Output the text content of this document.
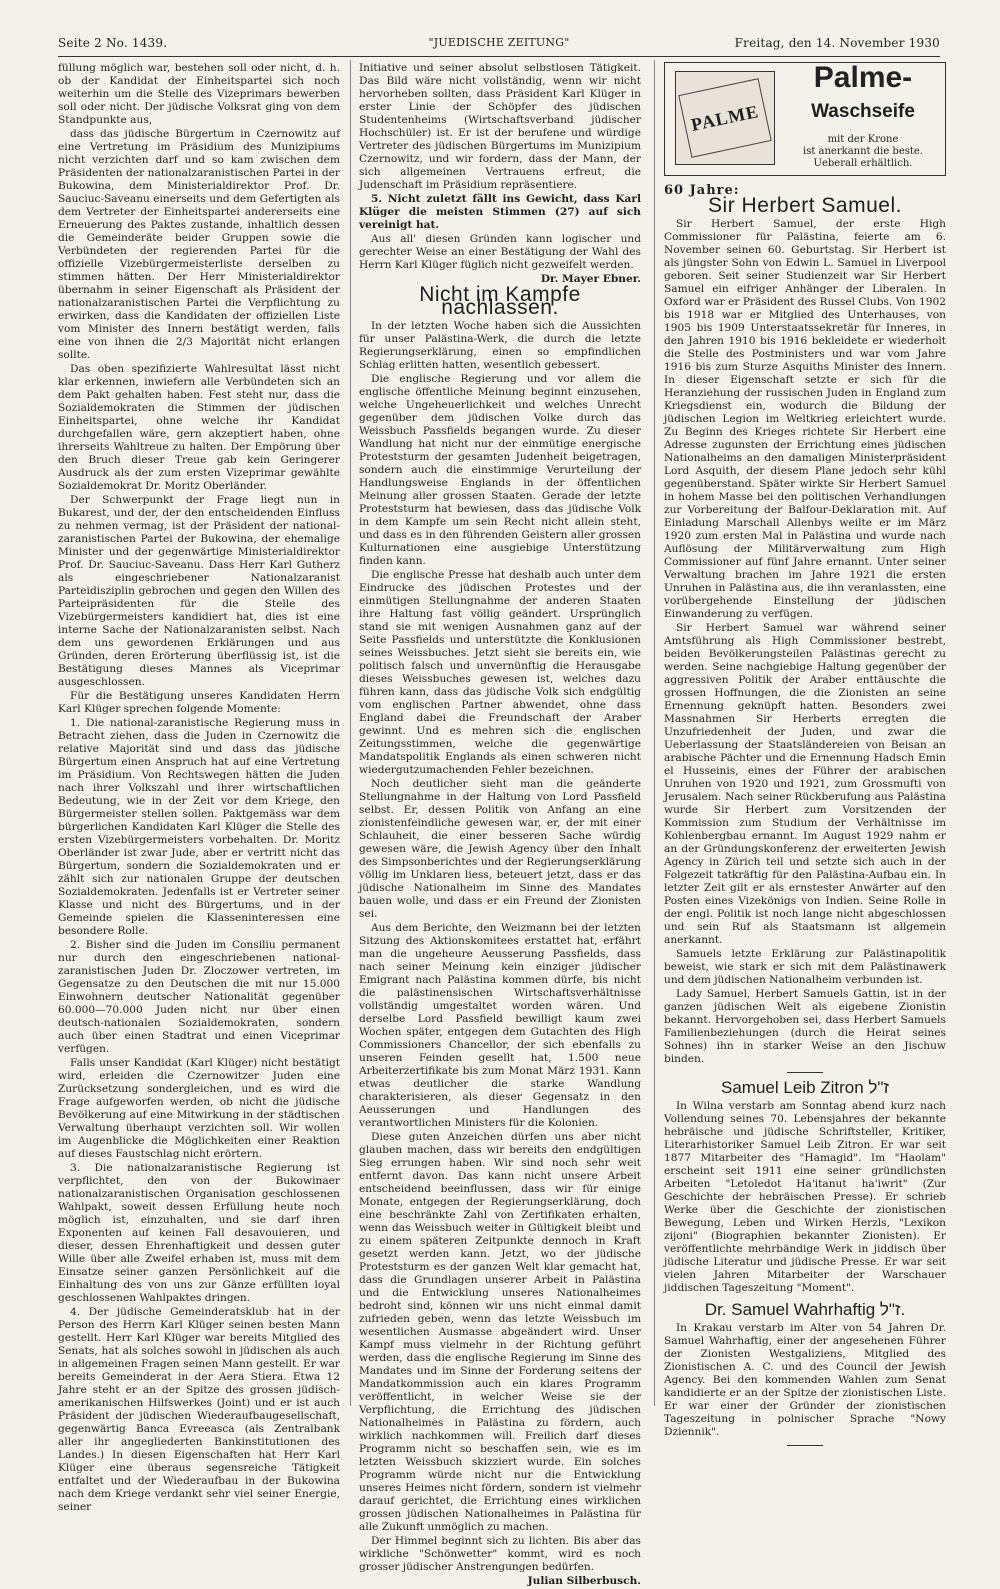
Seite 2 No. 1439.	"JUEDISCHE ZEITUNG"	Freitag, den 14. November 1930

füllung möglich war, bestehen soll oder nicht, d. h. ob der Kandidat der Einheitspartei sich noch weiterhin um die Stelle des Vizeprimars bewerben soll oder nicht. Der jüdische Volksrat ging von dem Standpunkte aus,

dass das jüdische Bürgertum in Czernowitz auf eine Vertretung im Präsidium des Munizipiums nicht verzichten darf und so kam zwischen dem Präsidenten der nationalzaranistischen Partei in der Bukowina, dem Ministerialdirektor Prof. Dr. Sauciuc-Saveanu einerseits und dem Gefertigten als dem Vertreter der Einheitspartei andererseits eine Erneuerung des Paktes zustande, inhaltlich dessen die Gemeinderäte beider Gruppen sowie die Verbündeten der regierenden Partei für die offizielle Vizebürgermeisterliste derselben zu stimmen hätten. Der Herr Ministerialdirektor übernahm in seiner Eigenschaft als Präsident der nationalzaranistischen Partei die Verpflichtung zu erwirken, dass die Kandidaten der offiziellen Liste vom Minister des Innern bestätigt werden, falls eine von ihnen die 2/3 Majorität nicht erlangen sollte.

Das oben spezifizierte Wahlresultat lässt nicht klar erkennen, inwiefern alle Verbündeten sich an dem Pakt gehalten haben. Fest steht nur, dass die Sozialdemokraten die Stimmen der jüdischen Einheitspartei, ohne welche ihr Kandidat durchgefallen wäre, gern akzeptiert haben, ohne ihrerseits Wahltreue zu halten. Der Empörung über den Bruch dieser Treue gab kein Geringerer Ausdruck als der zum ersten Vizeprimar gewählte Sozialdemokrat Dr. Moritz Oberländer.

Der Schwerpunkt der Frage liegt nun in Bukarest, und der, der den entscheidenden Einfluss zu nehmen vermag, ist der Präsident der national-zaranistischen Partei der Bukowina, der ehemalige Minister und der gegenwärtige Ministerialdirektor Prof. Dr. Sauciuc-Saveanu. Dass Herr Karl Gutherz als eingeschriebener Nationalzaranist Parteidisziplin gebrochen und gegen den Willen des Parteipräsidenten für die Stelle des Vizebürgermeisters kandidiert hat, dies ist eine interne Sache der Nationalzaranisten selbst. Nach dem uns gewordenen Erklärungen und aus Gründen, deren Erörterung überflüssig ist, ist die Bestätigung dieses Mannes als Viceprimar ausgeschlossen.

Für die Bestätigung unseres Kandidaten Herrn Karl Klüger sprechen folgende Momente:

1. Die national-zaranistische Regierung muss in Betracht ziehen, dass die Juden in Czernowitz die relative Majorität sind und dass das jüdische Bürgertum einen Anspruch hat auf eine Vertretung im Präsidium. Von Rechtswegen hätten die Juden nach ihrer Volkszahl und ihrer wirtschaftlichen Bedeutung, wie in der Zeit vor dem Kriege, den Bürgermeister stellen sollen. Paktgemäss war dem bürgerlichen Kandidaten Karl Klüger die Stelle des ersten Vizebürgermeisters vorbehalten. Dr. Moritz Oberländer ist zwar Jude, aber er vertritt nicht das Bürgertum, sondern die Sozialdemokraten und er zählt sich zur nationalen Gruppe der deutschen Sozialdemokraten. Jedenfalls ist er Vertreter seiner Klasse und nicht des Bürgertums, und in der Gemeinde spielen die Klasseninteressen eine besondere Rolle.

2. Bisher sind die Juden im Consiliu permanent nur durch den eingeschriebenen national-zaranistischen Juden Dr. Zloczower vertreten, im Gegensatze zu den Deutschen die mit nur 15.000 Einwohnern deutscher Nationalität gegenüber 60.000—70.000 Juden nicht nur über einen deutsch-nationalen Sozialdemokraten, sondern auch über einen Stadtrat und einen Viceprimar verfügen.

Falls unser Kandidat (Karl Klüger) nicht bestätigt wird, erleiden die Czernowitzer Juden eine Zurücksetzung sondergleichen, und es wird die Frage aufgeworfen werden, ob nicht die jüdische Bevölkerung auf eine Mitwirkung in der städtischen Verwaltung überhaupt verzichten soll. Wir wollen im Augenblicke die Möglichkeiten einer Reaktion auf dieses Faustschlag nicht erörtern.

3. Die nationalzaranistische Regierung ist verpflichtet, den von der Bukowinaer nationalzaranistischen Organisation geschlossenen Wahlpakt, soweit dessen Erfüllung heute noch möglich ist, einzuhalten, und sie darf ihren Exponenten auf keinen Fall desavouieren, und dieser, dessen Ehrenhaftigkeit und dessen guter Wille über alle Zweifel erhaben ist, muss mit dem Einsatze seiner ganzen Persönlichkeit auf die Einhaltung des von uns zur Gänze erfüllten loyal geschlossenen Wahlpaktes dringen.

4. Der jüdische Gemeinderatsklub hat in der Person des Herrn Karl Klüger seinen besten Mann gestellt. Herr Karl Klüger war bereits Mitglied des Senats, hat als solches sowohl in jüdischen als auch in allgemeinen Fragen seinen Mann gestellt. Er war bereits Gemeinderat in der Aera Stiera. Etwa 12 Jahre steht er an der Spitze des grossen jüdisch-amerikanischen Hilfswerkes (Joint) und er ist auch Präsident der jüdischen Wiederaufbaugesellschaft, gegenwärtig Banca Evreeasca (als Zentralbank aller ihr angegliederten Bankinstitutionen des Landes.) In diesen Eigenschaften hat Herr Karl Klüger eine überaus segensreiche Tätigkeit entfaltet und der Wiederaufbau in der Bukowina nach dem Kriege verdankt sehr viel seiner Energie, seiner

Initiative und seiner absolut selbstlosen Tätigkeit. Das Bild wäre nicht vollständig, wenn wir nicht hervorheben sollten, dass Präsident Karl Klüger in erster Linie der Schöpfer des jüdischen Studentenheims (Wirtschaftsverband jüdischer Hochschüler) ist. Er ist der berufene und würdige Vertreter des jüdischen Bürgertums im Munizipium Czernowitz, und wir fordern, dass der Mann, der sich allgemeinen Vertrauens erfreut, die Judenschaft im Präsidium repräsentiere.

5. Nicht zuletzt fällt ins Gewicht, dass Karl Klüger die meisten Stimmen (27) auf sich vereinigt hat.

Aus all' diesen Gründen kann logischer und gerechter Weise an einer Bestätigung der Wahl des Herrn Karl Klüger füglich nicht gezweifelt werden.

Dr. Mayer Ebner.

Nicht im Kampfe nachlassen.

In der letzten Woche haben sich die Aussichten für unser Palästina-Werk, die durch die letzte Regierungserklärung, einen so empfindlichen Schlag erlitten hatten, wesentlich gebessert.

Die englische Regierung und vor allem die englische öffentliche Meinung beginnt einzusehen, welche Ungeheuerlichkeit und welches Unrecht gegenüber dem jüdischen Volke durch das Weissbuch Passfields begangen wurde. Zu dieser Wandlung hat nicht nur der einmütige energische Proteststurm der gesamten Judenheit beigetragen, sondern auch die einstimmige Verurteilung der Handlungsweise Englands in der öffentlichen Meinung aller grossen Staaten. Gerade der letzte Proteststurm hat bewiesen, dass das jüdische Volk in dem Kampfe um sein Recht nicht allein steht, und dass es in den führenden Geistern aller grossen Kulturnationen eine ausgiebige Unterstützung finden kann.

Die englische Presse hat deshalb auch unter dem Eindrucke des jüdischen Protestes und der einmütigen Stellungnahme der anderen Staaten ihre Haltung fast völlig geändert. Ursprünglich stand sie mit wenigen Ausnahmen ganz auf der Seite Passfields und unterstützte die Konklusionen seines Weissbuches. Jetzt sieht sie bereits ein, wie politisch falsch und unvernünftig die Herausgabe dieses Weissbuches gewesen ist, welches dazu führen kann, dass das jüdische Volk sich endgültig vom englischen Partner abwendet, ohne dass England dabei die Freundschaft der Araber gewinnt. Und es mehren sich die englischen Zeitungsstimmen, welche die gegenwärtige Mandatspolitik Englands als einen schweren nicht wiedergutzumachenden Fehler bezeichnen.

Noch deutlicher sieht man die geänderte Stellungnahme in der Haltung von Lord Passfield selbst. Er, dessen Politik von Anfang an eine zionistenfeindliche gewesen war, er, der mit einer Schlauheit, die einer besseren Sache würdig gewesen wäre, die Jewish Agency über den Inhalt des Simpsonberichtes und der Regierungserklärung völlig im Unklaren liess, beteuert jetzt, dass er das jüdische Nationalheim im Sinne des Mandates bauen wolle, und dass er ein Freund der Zionisten sei.

Aus dem Berichte, den Weizmann bei der letzten Sitzung des Aktionskomitees erstattet hat, erfährt man die ungeheure Aeusserung Passfields, dass nach seiner Meinung kein einziger jüdischer Emigrant nach Palästina kommen dürfe, bis nicht die palästinensischen Wirtschaftsverhältnisse vollständig umgestaltet worden wären. Und derselbe Lord Passfield bewilligt kaum zwei Wochen später, entgegen dem Gutachten des High Commissioners Chancellor, der sich ebenfalls zu unseren Feinden gesellt hat, 1.500 neue Arbeiterzertifikate bis zum Monat März 1931. Kann etwas deutlicher die starke Wandlung charakterisieren, als dieser Gegensatz in den Aeusserungen und Handlungen des verantwortlichen Ministers für die Kolonien.

Diese guten Anzeichen dürfen uns aber nicht glauben machen, dass wir bereits den endgültigen Sieg errungen haben. Wir sind noch sehr weit entfernt davon. Das kann nicht unsere Arbeit entscheidend beeinflussen, dass wir für einige Monate, entgegen der Regierungserklärung, doch eine beschränkte Zahl von Zertifikaten erhalten, wenn das Weissbuch weiter in Gültigkeit bleibt und zu einem späteren Zeitpunkte dennoch in Kraft gesetzt werden kann. Jetzt, wo der jüdische Proteststurm es der ganzen Welt klar gemacht hat, dass die Grundlagen unserer Arbeit in Palästina und die Entwicklung unseres Nationalheimes bedroht sind, können wir uns nicht einmal damit zufrieden geben, wenn das letzte Weissbuch im wesentlichen Ausmasse abgeändert wird. Unser Kampf muss vielmehr in der Richtung geführt werden, dass die englische Regierung im Sinne des Mandates und im Sinne der Forderung seitens der Mandatkommission auch ein klares Programm veröffentlicht, in welcher Weise sie der Verpflichtung, die Errichtung des jüdischen Nationalheimes in Palästina zu fördern, auch wirklich nachkommen will. Freilich darf dieses Programm nicht so beschaffen sein, wie es im letzten Weissbuch skizziert wurde. Ein solches Programm würde nicht nur die Entwicklung unseres Heimes nicht fördern, sondern ist vielmehr darauf gerichtet, die Errichtung eines wirklichen grossen jüdischen Nationalheimes in Palästina für alle Zukunft unmöglich zu machen.

Der Himmel beginnt sich zu lichten. Bis aber das wirkliche "Schönwetter" kommt, wird es noch grosser jüdischer Anstrengungen bedürfen.

Julian Silberbusch.

PALME
Palme-
Waschseife
mit der Krone
ist anerkannt die beste.
Ueberall erhältlich.
60 Jahre:
Sir Herbert Samuel.

Sir Herbert Samuel, der erste High Commissioner für Palästina, feierte am 6. November seinen 60. Geburtstag. Sir Herbert ist als jüngster Sohn von Edwin L. Samuel in Liverpool geboren. Seit seiner Studienzeit war Sir Herbert Samuel ein eifriger Anhänger der Liberalen. In Oxford war er Präsident des Russel Clubs. Von 1902 bis 1918 war er Mitglied des Unterhauses, von 1905 bis 1909 Unterstaatssekretär für Inneres, in den Jahren 1910 bis 1916 bekleidete er wiederholt die Stelle des Postministers und war vom Jahre 1916 bis zum Sturze Asquiths Minister des Innern. In dieser Eigenschaft setzte er sich für die Heranziehung der russischen Juden in England zum Kriegsdienst ein, wodurch die Bildung der jüdischen Legion im Weltkrieg erleichtert wurde. Zu Beginn des Krieges richtete Sir Herbert eine Adresse zugunsten der Errichtung eines jüdischen Nationalheims an den damaligen Ministerpräsident Lord Asquith, der diesem Plane jedoch sehr kühl gegenüberstand. Später wirkte Sir Herbert Samuel in hohem Masse bei den politischen Verhandlungen zur Vorbereitung der Balfour-Deklaration mit. Auf Einladung Marschall Allenbys weilte er im März 1920 zum ersten Mal in Palästina und wurde nach Auflösung der Militärverwaltung zum High Commissioner auf fünf Jahre ernannt. Unter seiner Verwaltung brachen im Jahre 1921 die ersten Unruhen in Palästina aus, die ihn veranlassten, eine vorübergehende Einstellung der jüdischen Einwanderung zu verfügen.

Sir Herbert Samuel war während seiner Amtsführung als High Commissioner bestrebt, beiden Bevölkerungsteilen Palästinas gerecht zu werden. Seine nachgiebige Haltung gegenüber der aggressiven Politik der Araber enttäuschte die grossen Hoffnungen, die die Zionisten an seine Ernennung geknüpft hatten. Besonders zwei Massnahmen Sir Herberts erregten die Unzufriedenheit der Juden, und zwar die Ueberlassung der Staatsländereien von Beisan an arabische Pächter und die Ernennung Hadsch Emin el Husseinis, eines der Führer der arabischen Unruhen von 1920 und 1921, zum Grossmufti von Jerusalem. Nach seiner Rückberufung aus Palästina wurde Sir Herbert zum Vorsitzenden der Kommission zum Studium der Verhältnisse im Kohlenbergbau ernannt. Im August 1929 nahm er an der Gründungskonferenz der erweiterten Jewish Agency in Zürich teil und setzte sich auch in der Folgezeit tatkräftig für den Palästina-Aufbau ein. In letzter Zeit gilt er als ernstester Anwärter auf den Posten eines Vizekönigs von Indien. Seine Rolle in der engl. Politik ist noch lange nicht abgeschlossen und sein Ruf als Staatsmann ist allgemein anerkannt.

Samuels letzte Erklärung zur Palästinapolitik beweist, wie stark er sich mit dem Palästinawerk und dem jüdischen Nationalheim verbunden ist.

Lady Samuel, Herbert Samuels Gattin, ist in der ganzen jüdischen Welt als eigebene Zionistin bekannt. Hervorgehoben sei, dass Herbert Samuels Familienbeziehungen (durch die Heirat seines Sohnes) ihn in starker Weise an den Jischuw binden.

Samuel Leib Zitron ז"ל

In Wilna verstarb am Sonntag abend kurz nach Vollendung seines 70. Lebensjahres der bekannte hebräische und jüdische Schriftsteller, Kritiker, Literarhistoriker Samuel Leib Zitron. Er war seit 1877 Mitarbeiter des "Hamagid". Im "Haolam" erscheint seit 1911 eine seiner gründlichsten Arbeiten "Letoledot Ha'itanut ha'iwrit" (Zur Geschichte der hebräischen Presse). Er schrieb Werke über die Geschichte der zionistischen Bewegung, Leben und Wirken Herzls, "Lexikon zijoni" (Biographien bekannter Zionisten). Er veröffentlichte mehrbändige Werk in jiddisch über jüdische Literatur und jüdische Presse. Er war seit vielen Jahren Mitarbeiter der Warschauer jiddischen Tageszeitung "Moment".

Dr. Samuel Wahrhaftig ז"ל.

In Krakau verstarb im Alter von 54 Jahren Dr. Samuel Wahrhaftig, einer der angesehenen Führer der Zionisten Westgaliziens, Mitglied des Zionistischen A. C. und des Council der Jewish Agency. Bei den kommenden Wahlen zum Senat kandidierte er an der Spitze der zionistischen Liste. Er war einer der Gründer der zionistischen Tageszeitung in polnischer Sprache "Nowy Dziennik".
